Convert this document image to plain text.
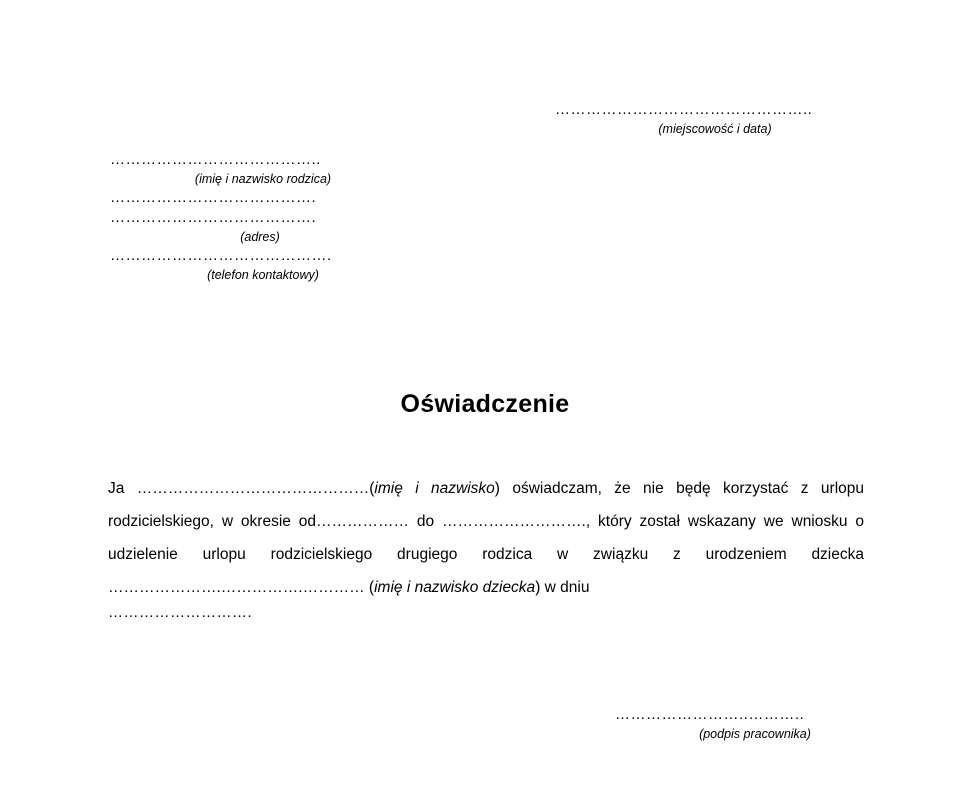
…………………………………………..
(miejscowość i data)
…………………………………..
(imię i nazwisko rodzica)
………………………………….
………………………………….
(adres)
…………………………………….
(telefon kontaktowy)
Oświadczenie
Ja ………………………………………(imię i nazwisko) oświadczam, że nie będę korzystać z urlopu rodzicielskiego, w okresie od……………… do ………………………., który został wskazany we wniosku o udzielenie urlopu rodzicielskiego drugiego rodzica w związku z urodzeniem dziecka ………………….…………….………… (imię i nazwisko dziecka) w dniu
……………………….
……………………..………..
(podpis pracownika)
